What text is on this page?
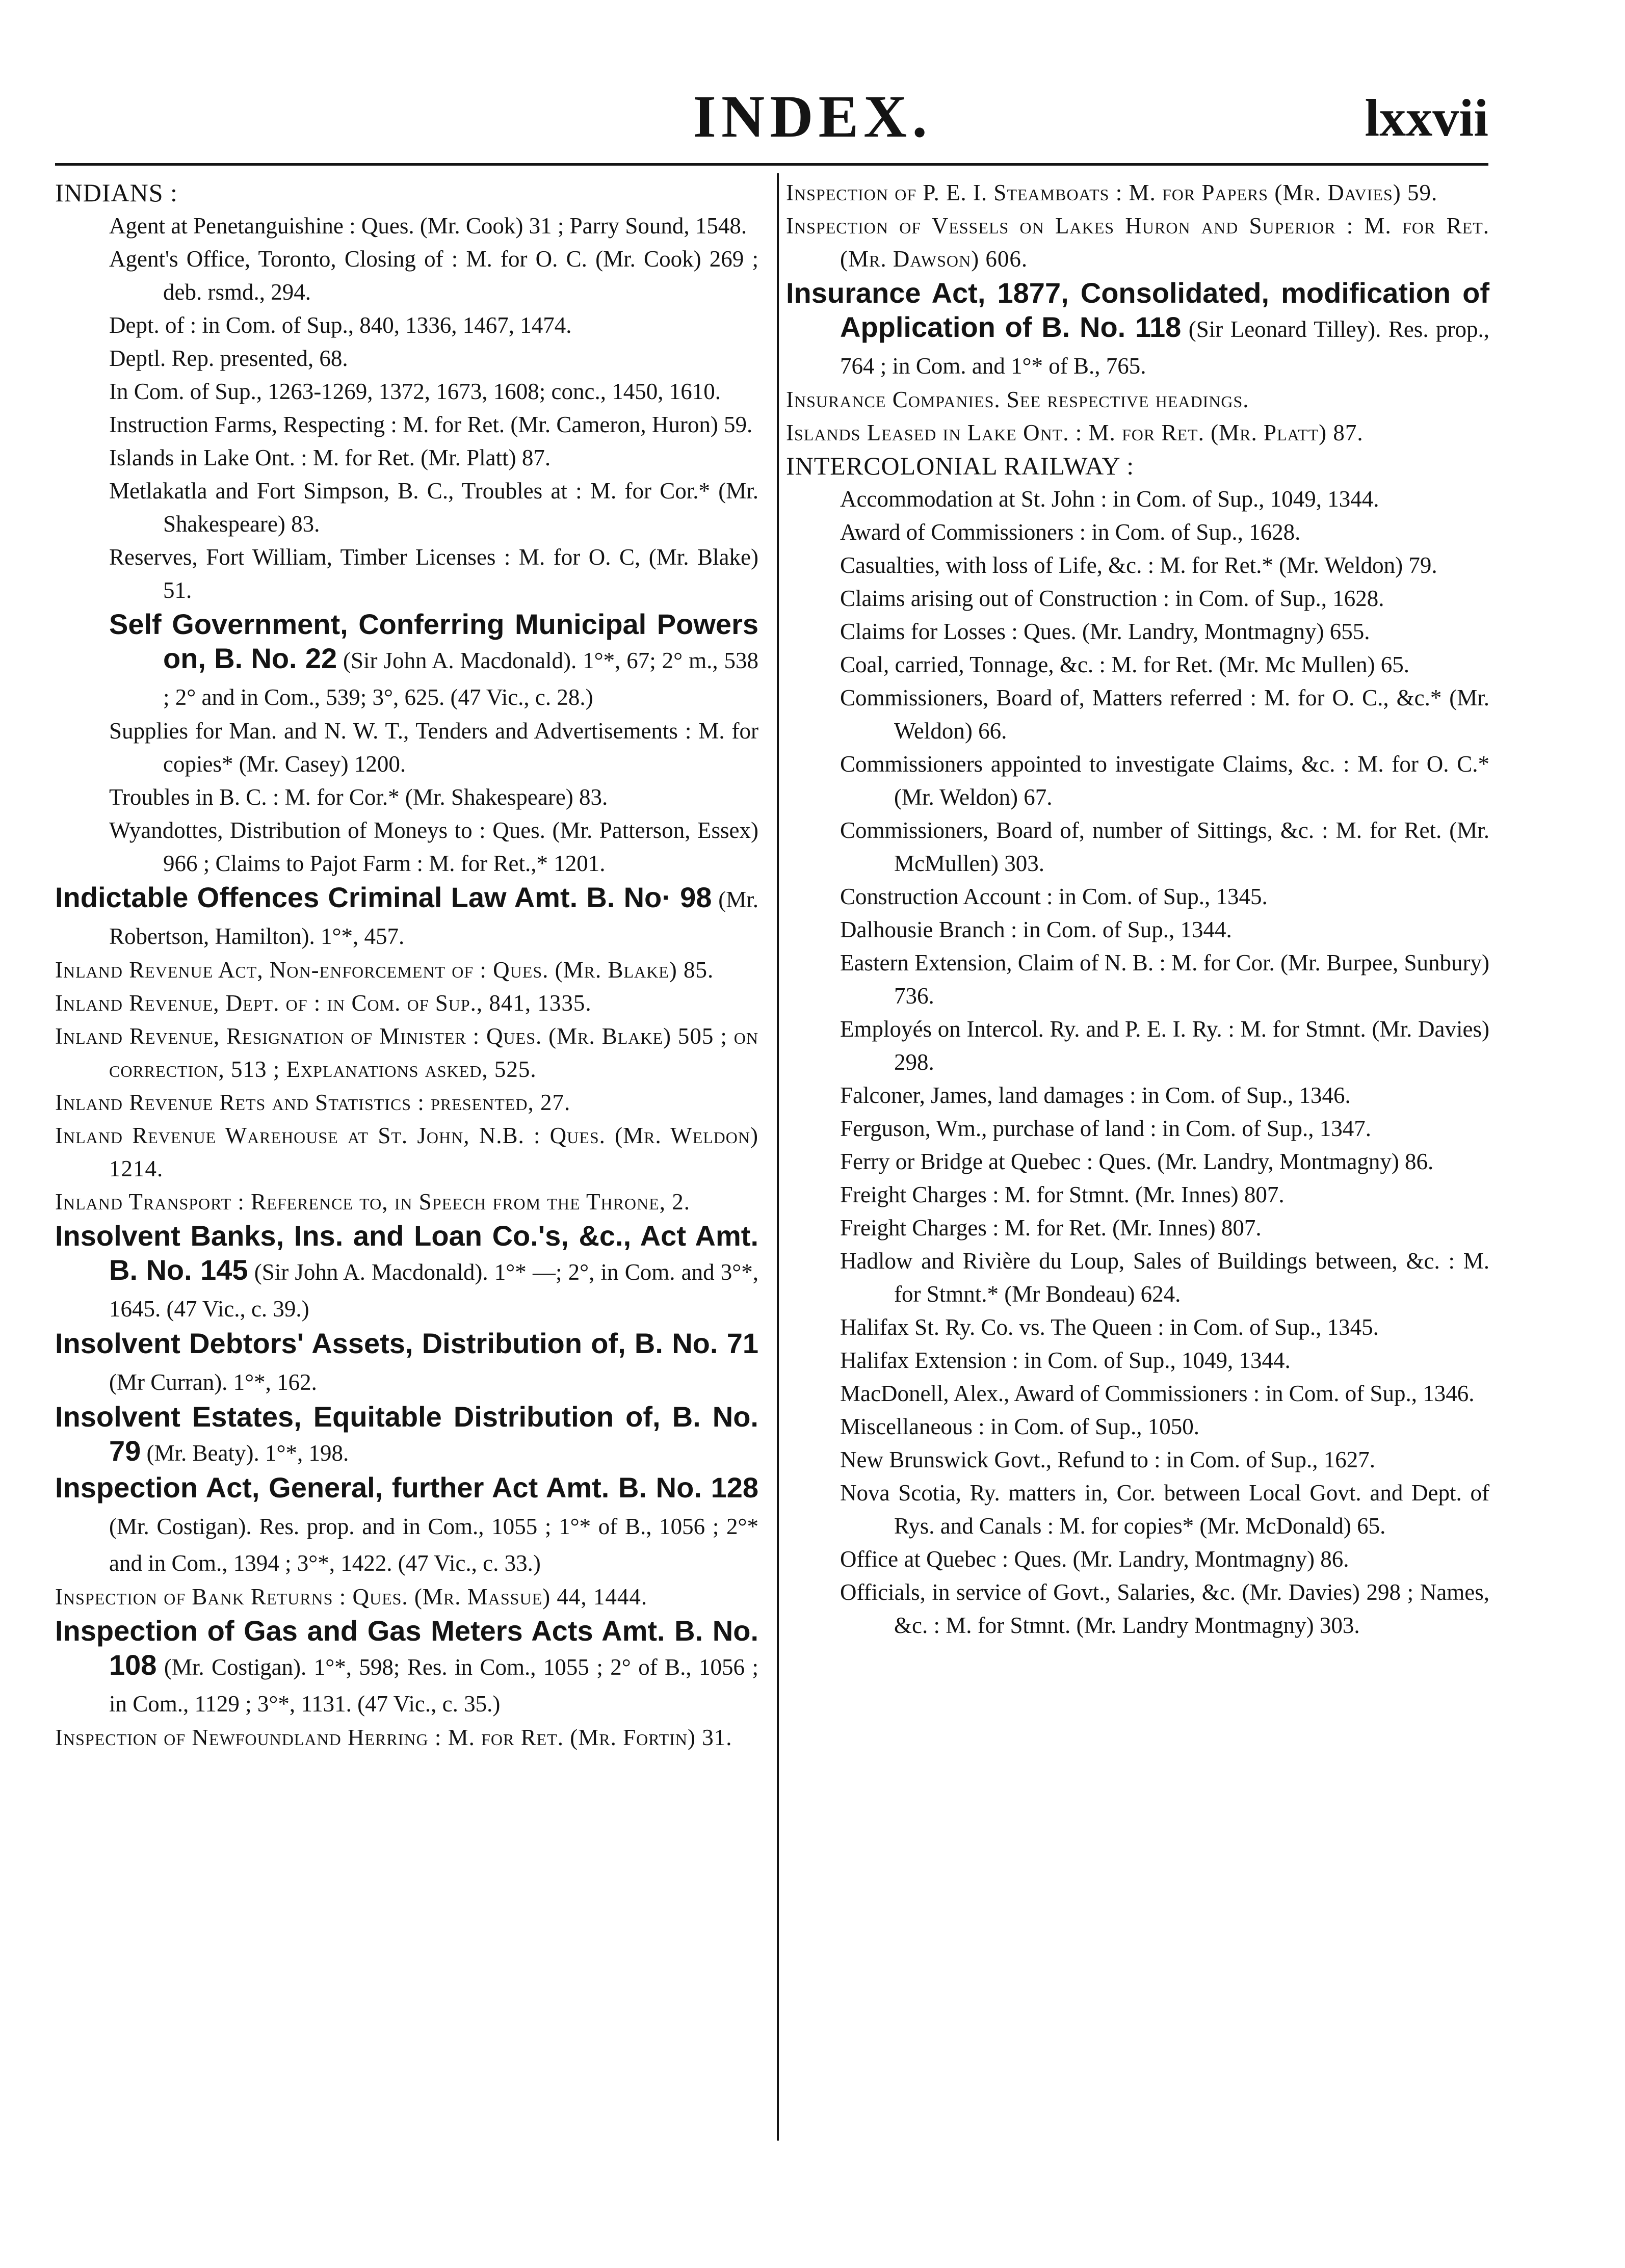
INDEX.	lxxvii

INDIANS :

Agent at Penetanguishine : Ques. (Mr. Cook) 31 ; Parry Sound, 1548.

Agent's Office, Toronto, Closing of : M. for O. C. (Mr. Cook) 269 ; deb. rsmd., 294.

Dept. of : in Com. of Sup., 840, 1336, 1467, 1474.

Deptl. Rep. presented, 68.

In Com. of Sup., 1263-1269, 1372, 1673, 1608; conc., 1450, 1610.

Instruction Farms, Respecting : M. for Ret. (Mr. Cameron, Huron) 59.

Islands in Lake Ont. : M. for Ret. (Mr. Platt) 87.

Metlakatla and Fort Simpson, B. C., Troubles at : M. for Cor.* (Mr. Shakespeare) 83.

Reserves, Fort William, Timber Licenses : M. for O. C, (Mr. Blake) 51.

Self Government, Conferring Municipal Powers on, B. No. 22 (Sir John A. Macdonald). 1°*, 67; 2° m., 538 ; 2° and in Com., 539; 3°, 625. (47 Vic., c. 28.)

Supplies for Man. and N. W. T., Tenders and Advertisements : M. for copies* (Mr. Casey) 1200.

Troubles in B. C. : M. for Cor.* (Mr. Shakespeare) 83.

Wyandottes, Distribution of Moneys to : Ques. (Mr. Patterson, Essex) 966 ; Claims to Pajot Farm : M. for Ret.,* 1201.

Indictable Offences Criminal Law Amt. B. No· 98 (Mr. Robertson, Hamilton). 1°*, 457.

Inland Revenue Act, Non-enforcement of : Ques. (Mr. Blake) 85.

Inland Revenue, Dept. of : in Com. of Sup., 841, 1335.

Inland Revenue, Resignation of Minister : Ques. (Mr. Blake) 505 ; on correction, 513 ; Explanations asked, 525.

Inland Revenue Rets and Statistics : presented, 27.

Inland Revenue Warehouse at St. John, N.B. : Ques. (Mr. Weldon) 1214.

Inland Transport : Reference to, in Speech from the Throne, 2.

Insolvent Banks, Ins. and Loan Co.'s, &c., Act Amt. B. No. 145 (Sir John A. Macdonald). 1°* —; 2°, in Com. and 3°*, 1645. (47 Vic., c. 39.)

Insolvent Debtors' Assets, Distribution of, B. No. 71 (Mr Curran). 1°*, 162.

Insolvent Estates, Equitable Distribution of, B. No. 79 (Mr. Beaty). 1°*, 198.

Inspection Act, General, further Act Amt. B. No. 128 (Mr. Costigan). Res. prop. and in Com., 1055 ; 1°* of B., 1056 ; 2°* and in Com., 1394 ; 3°*, 1422. (47 Vic., c. 33.)

Inspection of Bank Returns : Ques. (Mr. Massue) 44, 1444.

Inspection of Gas and Gas Meters Acts Amt. B. No. 108 (Mr. Costigan). 1°*, 598; Res. in Com., 1055 ; 2° of B., 1056 ; in Com., 1129 ; 3°*, 1131. (47 Vic., c. 35.)

Inspection of Newfoundland Herring : M. for Ret. (Mr. Fortin) 31.

Inspection of P. E. I. Steamboats : M. for Papers (Mr. Davies) 59.

Inspection of Vessels on Lakes Huron and Superior : M. for Ret. (Mr. Dawson) 606.

Insurance Act, 1877, Consolidated, modification of Application of B. No. 118 (Sir Leonard Tilley). Res. prop., 764 ; in Com. and 1°* of B., 765.

Insurance Companies. See respective headings.

Islands Leased in Lake Ont. : M. for Ret. (Mr. Platt) 87.

INTERCOLONIAL RAILWAY :

Accommodation at St. John : in Com. of Sup., 1049, 1344.

Award of Commissioners : in Com. of Sup., 1628.

Casualties, with loss of Life, &c. : M. for Ret.* (Mr. Weldon) 79.

Claims arising out of Construction : in Com. of Sup., 1628.

Claims for Losses : Ques. (Mr. Landry, Montmagny) 655.

Coal, carried, Tonnage, &c. : M. for Ret. (Mr. Mc Mullen) 65.

Commissioners, Board of, Matters referred : M. for O. C., &c.* (Mr. Weldon) 66.

Commissioners appointed to investigate Claims, &c. : M. for O. C.* (Mr. Weldon) 67.

Commissioners, Board of, number of Sittings, &c. : M. for Ret. (Mr. McMullen) 303.

Construction Account : in Com. of Sup., 1345.

Dalhousie Branch : in Com. of Sup., 1344.

Eastern Extension, Claim of N. B. : M. for Cor. (Mr. Burpee, Sunbury) 736.

Employés on Intercol. Ry. and P. E. I. Ry. : M. for Stmnt. (Mr. Davies) 298.

Falconer, James, land damages : in Com. of Sup., 1346.

Ferguson, Wm., purchase of land : in Com. of Sup., 1347.

Ferry or Bridge at Quebec : Ques. (Mr. Landry, Montmagny) 86.

Freight Charges : M. for Stmnt. (Mr. Innes) 807.

Freight Charges : M. for Ret. (Mr. Innes) 807.

Hadlow and Rivière du Loup, Sales of Buildings between, &c. : M. for Stmnt.* (Mr Bondeau) 624.

Halifax St. Ry. Co. vs. The Queen : in Com. of Sup., 1345.

Halifax Extension : in Com. of Sup., 1049, 1344.

MacDonell, Alex., Award of Commissioners : in Com. of Sup., 1346.

Miscellaneous : in Com. of Sup., 1050.

New Brunswick Govt., Refund to : in Com. of Sup., 1627.

Nova Scotia, Ry. matters in, Cor. between Local Govt. and Dept. of Rys. and Canals : M. for copies* (Mr. McDonald) 65.

Office at Quebec : Ques. (Mr. Landry, Montmagny) 86.

Officials, in service of Govt., Salaries, &c. (Mr. Davies) 298 ; Names, &c. : M. for Stmnt. (Mr. Landry Montmagny) 303.
